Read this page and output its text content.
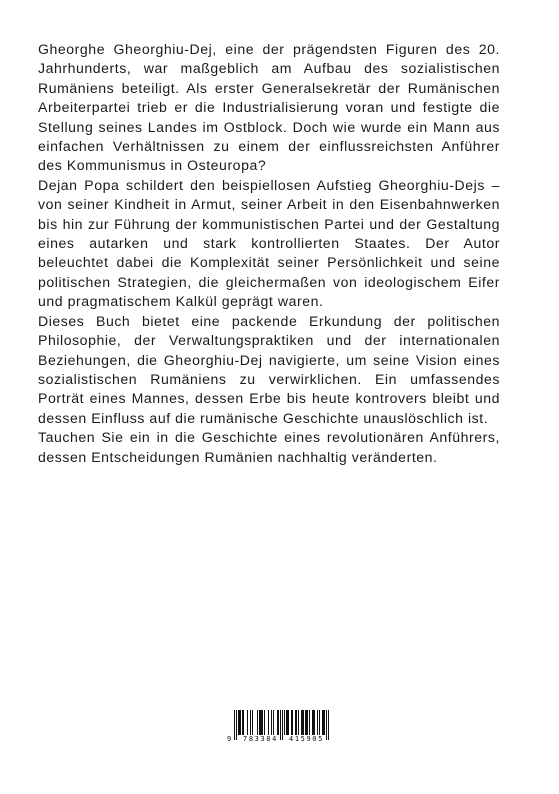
Gheorghe Gheorghiu-Dej, eine der prägendsten Figuren des 20. Jahrhunderts, war maßgeblich am Aufbau des sozialistischen Rumäniens beteiligt. Als erster Generalsekretär der Rumänischen Arbeiterpartei trieb er die Industrialisierung voran und festigte die Stellung seines Landes im Ostblock. Doch wie wurde ein Mann aus einfachen Verhältnissen zu einem der einflussreichsten Anführer des Kommunismus in Osteuropa?

Dejan Popa schildert den beispiellosen Aufstieg Gheorghiu-Dejs – von seiner Kindheit in Armut, seiner Arbeit in den Eisenbahnwerken bis hin zur Führung der kommunistischen Partei und der Gestaltung eines autarken und stark kontrollierten Staates. Der Autor beleuchtet dabei die Komplexität seiner Persönlichkeit und seine politischen Strategien, die gleichermaßen von ideologischem Eifer und pragmatischem Kalkül geprägt waren.

Dieses Buch bietet eine packende Erkundung der politischen Philosophie, der Verwaltungspraktiken und der internationalen Beziehungen, die Gheorghiu-Dej navigierte, um seine Vision eines sozialistischen Rumäniens zu verwirklichen. Ein umfassendes Porträt eines Mannes, dessen Erbe bis heute kontrovers bleibt und dessen Einfluss auf die rumänische Geschichte unauslöschlich ist.

Tauchen Sie ein in die Geschichte eines revolutionären Anführers, dessen Entscheidungen Rumänien nachhaltig veränderten.

9 783384 415905
